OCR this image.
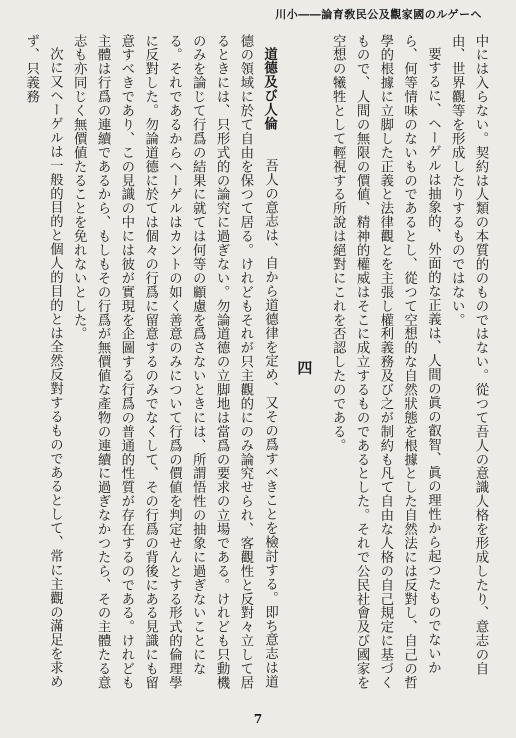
ヘーゲルの國家觀及公民敎育論――小川

中には入らない。契約は人類の本質的のものではない。從つて吾人の意識人格を形成したり、意志の自由、世界觀等を形成したりするものではない。

要するに、ヘーゲルは抽象的、外面的な正義は、人間の眞の叡智、眞の理性から起つたものでないから、何等情味のないものであるとし、從つて空想的な自然狀態を根據とした自然法には反對し、自己の哲學的根據に立脚した正義と法律觀とを主張し權利義務及び之が制約も凡て自由な人格の自己規定に基づくもので、人間の無限の價値、精神的權威はそこに成立するものであるとした。それで公民社會及び國家を空想の犧牲として輕視する所說は絕對にこれを否認したのである。

四

道德及び人倫　　吾人の意志は、自から道德律を定め、又その爲すべきことを檢討する。即ち意志は道德の領域に於て自由を保つて居る。けれどもそれが只主觀的にのみ論究せられ、客觀性と反對々立して居るときには、只形式的の論究に過ぎない。勿論道德の立脚地は當爲の要求の立場である。けれども只動機のみを論じて行爲の結果に就ては何等の顧慮を爲さないときには、所謂悟性の抽象に過ぎないことになる。それであるからヘーゲルはカントの如く善意のみについて行爲の價値を判定せんとする形式的倫理學に反對した。勿論道德に於ては個々の行爲に留意するのみでなくして、その行爲の背後にある見識にも留意すべきであり、この見識の中には彼が實現を企圖する行爲の普通的性質が存在するのである。けれども主體は行爲の連續であるから、もしもその行爲が無價値な產物の連續に過ぎなかつたら、その主體たる意志も亦同じく無價値たることを免れないとした。

次に又ヘーゲルは一般的目的と個人的目的とは全然反對するものであるとして、常に主觀の滿足を求めず、只義務

7
